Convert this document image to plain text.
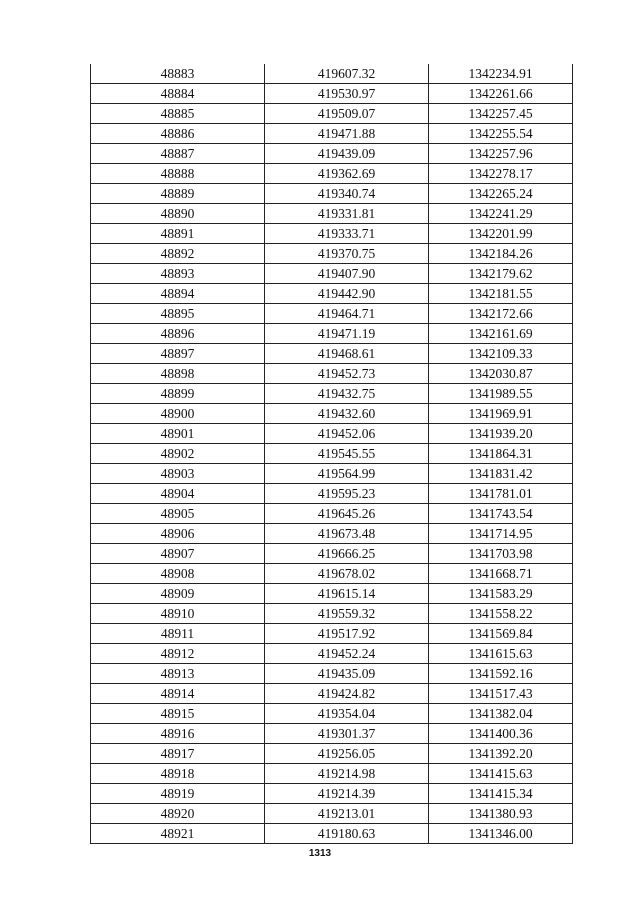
48883	419607.32	1342234.91
48884	419530.97	1342261.66
48885	419509.07	1342257.45
48886	419471.88	1342255.54
48887	419439.09	1342257.96
48888	419362.69	1342278.17
48889	419340.74	1342265.24
48890	419331.81	1342241.29
48891	419333.71	1342201.99
48892	419370.75	1342184.26
48893	419407.90	1342179.62
48894	419442.90	1342181.55
48895	419464.71	1342172.66
48896	419471.19	1342161.69
48897	419468.61	1342109.33
48898	419452.73	1342030.87
48899	419432.75	1341989.55
48900	419432.60	1341969.91
48901	419452.06	1341939.20
48902	419545.55	1341864.31
48903	419564.99	1341831.42
48904	419595.23	1341781.01
48905	419645.26	1341743.54
48906	419673.48	1341714.95
48907	419666.25	1341703.98
48908	419678.02	1341668.71
48909	419615.14	1341583.29
48910	419559.32	1341558.22
48911	419517.92	1341569.84
48912	419452.24	1341615.63
48913	419435.09	1341592.16
48914	419424.82	1341517.43
48915	419354.04	1341382.04
48916	419301.37	1341400.36
48917	419256.05	1341392.20
48918	419214.98	1341415.63
48919	419214.39	1341415.34
48920	419213.01	1341380.93
48921	419180.63	1341346.00
1313
